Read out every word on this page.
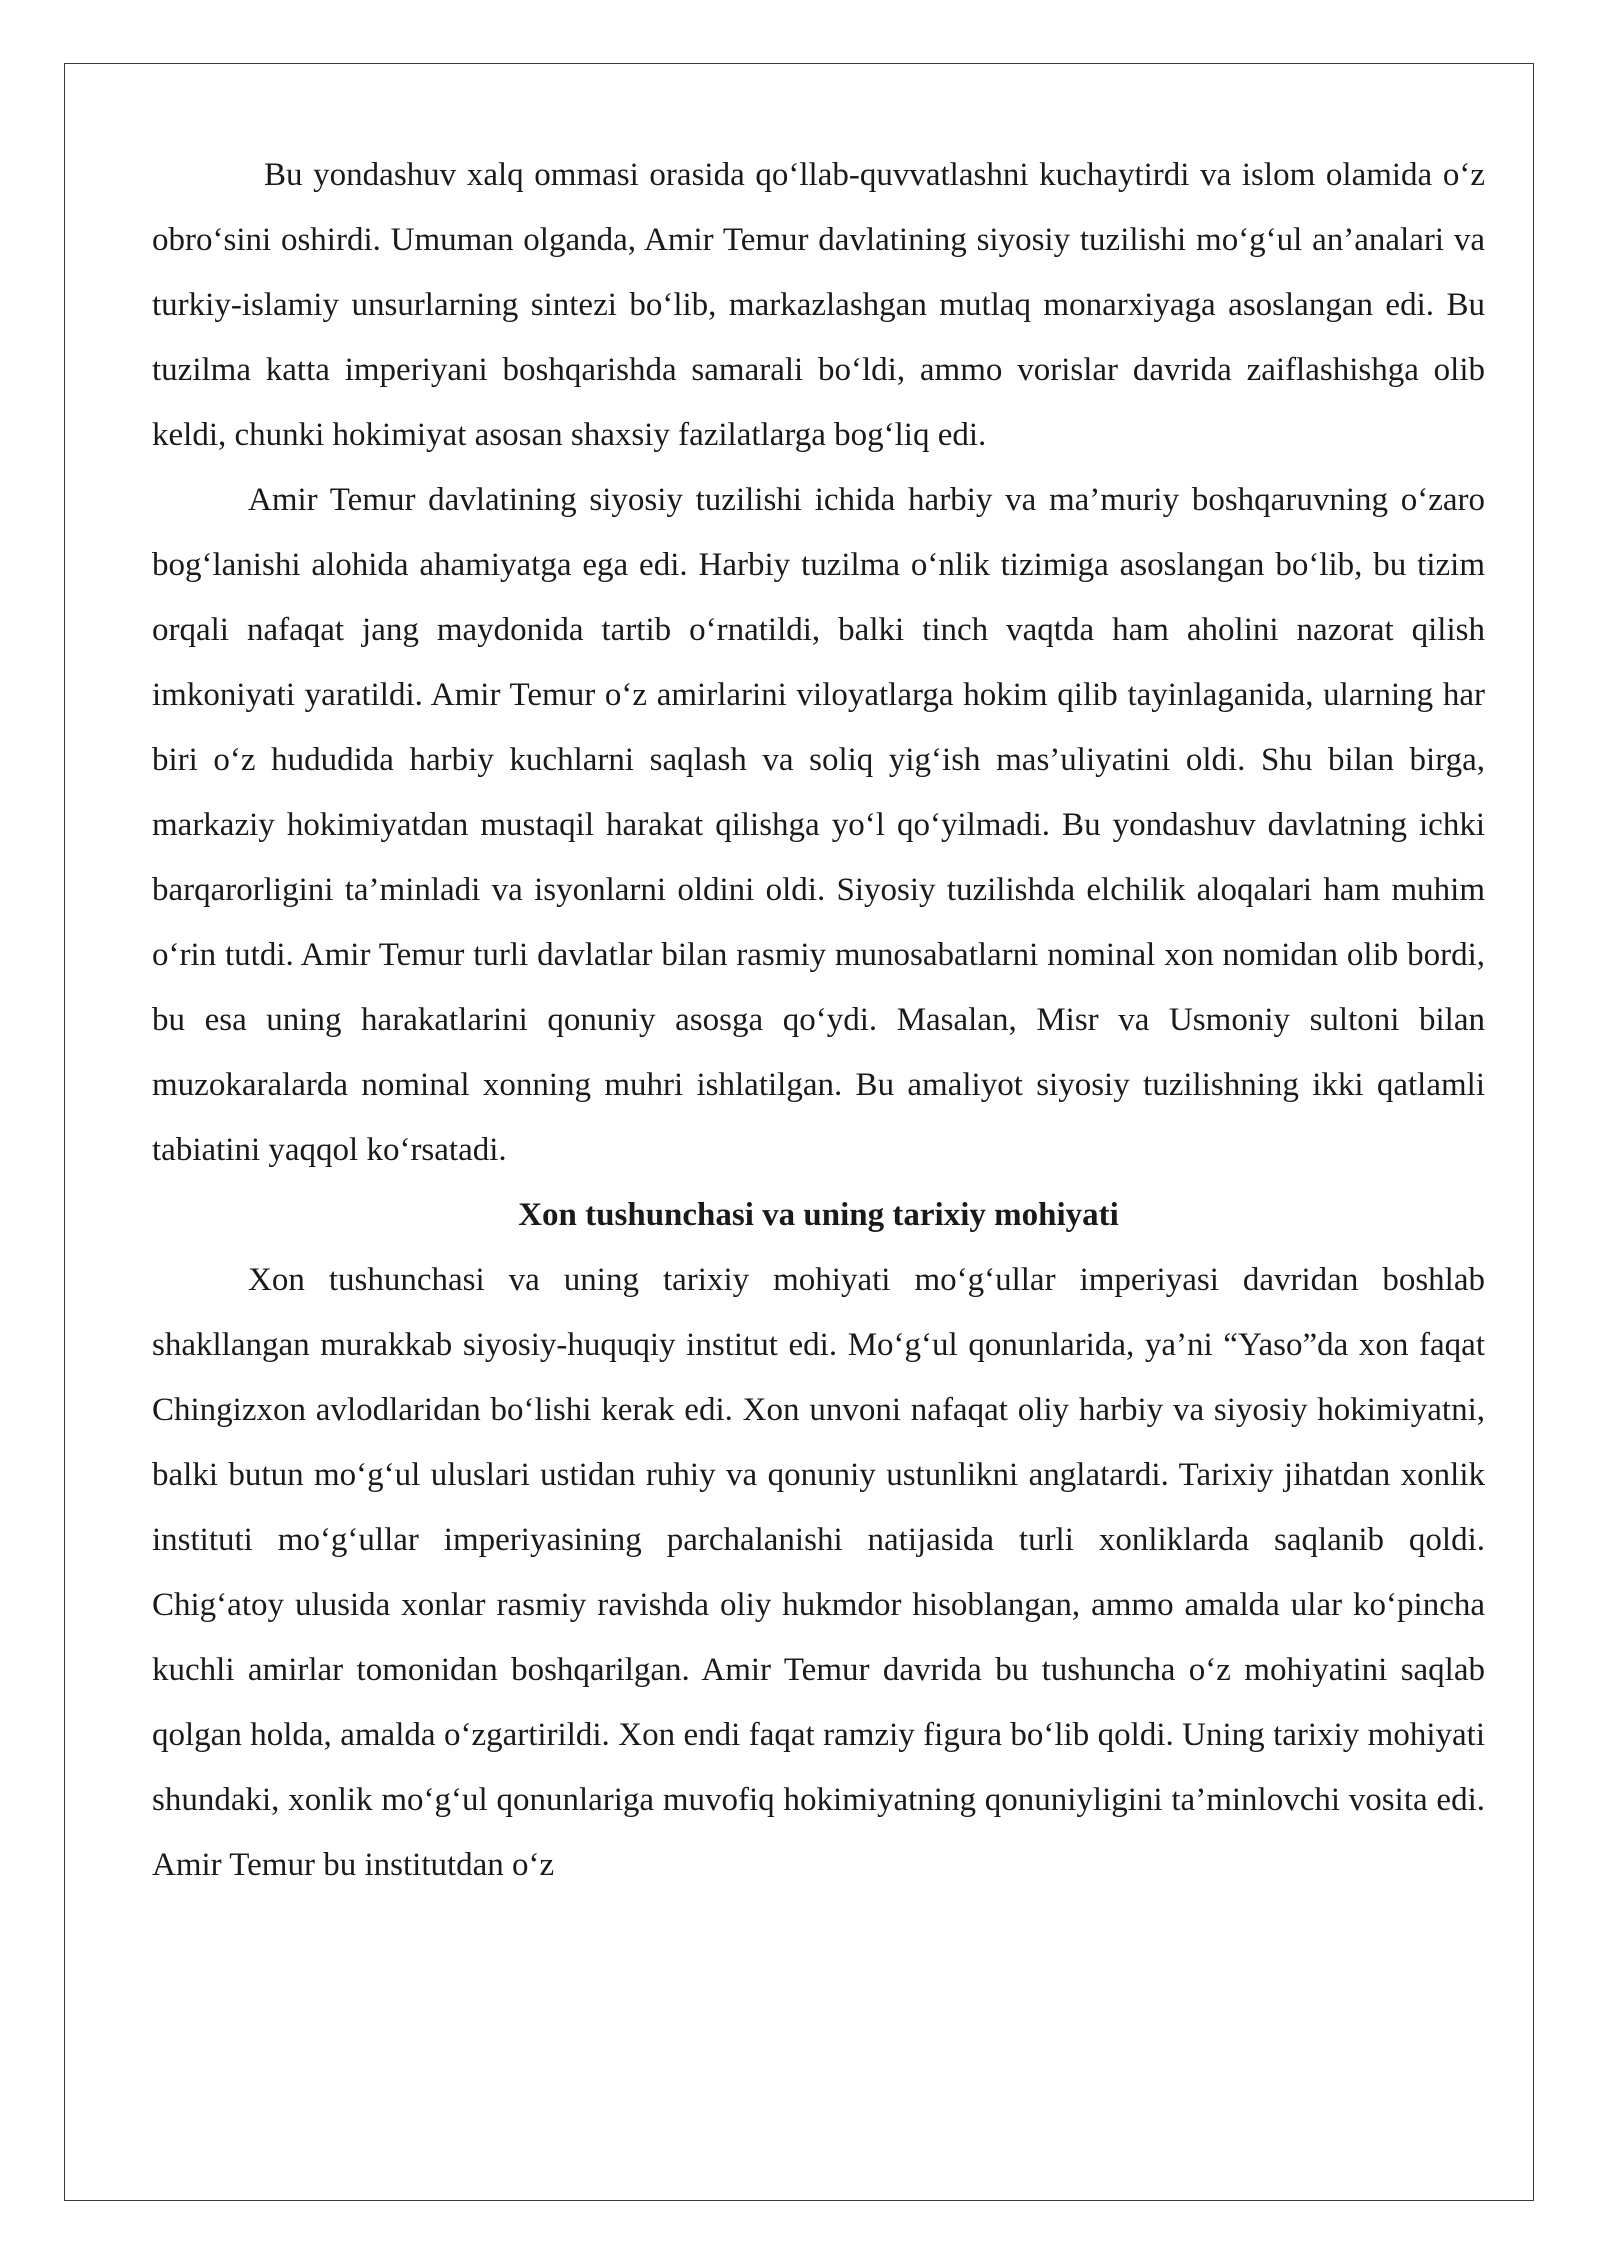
Bu yondashuv xalq ommasi orasida qo‘llab-quvvatlashni kuchaytirdi va islom olamida o‘z obro‘sini oshirdi. Umuman olganda, Amir Temur davlatining siyosiy tuzilishi mo‘g‘ul an’analari va turkiy-islamiy unsurlarning sintezi bo‘lib, markazlashgan mutlaq monarxiyaga asoslangan edi. Bu tuzilma katta imperiyani boshqarishda samarali bo‘ldi, ammo vorislar davrida zaiflashishga olib keldi, chunki hokimiyat asosan shaxsiy fazilatlarga bog‘liq edi.

Amir Temur davlatining siyosiy tuzilishi ichida harbiy va ma’muriy boshqaruvning o‘zaro bog‘lanishi alohida ahamiyatga ega edi. Harbiy tuzilma o‘nlik tizimiga asoslangan bo‘lib, bu tizim orqali nafaqat jang maydonida tartib o‘rnatildi, balki tinch vaqtda ham aholini nazorat qilish imkoniyati yaratildi. Amir Temur o‘z amirlarini viloyatlarga hokim qilib tayinlaganida, ularning har biri o‘z hududida harbiy kuchlarni saqlash va soliq yig‘ish mas’uliyatini oldi. Shu bilan birga, markaziy hokimiyatdan mustaqil harakat qilishga yo‘l qo‘yilmadi. Bu yondashuv davlatning ichki barqarorligini ta’minladi va isyonlarni oldini oldi. Siyosiy tuzilishda elchilik aloqalari ham muhim o‘rin tutdi. Amir Temur turli davlatlar bilan rasmiy munosabatlarni nominal xon nomidan olib bordi, bu esa uning harakatlarini qonuniy asosga qo‘ydi. Masalan, Misr va Usmoniy sultoni bilan muzokaralarda nominal xonning muhri ishlatilgan. Bu amaliyot siyosiy tuzilishning ikki qatlamli tabiatini yaqqol ko‘rsatadi.

Xon tushunchasi va uning tarixiy mohiyati

Xon tushunchasi va uning tarixiy mohiyati mo‘g‘ullar imperiyasi davridan boshlab shakllangan murakkab siyosiy-huquqiy institut edi. Mo‘g‘ul qonunlarida, ya’ni “Yaso”da xon faqat Chingizxon avlodlaridan bo‘lishi kerak edi. Xon unvoni nafaqat oliy harbiy va siyosiy hokimiyatni, balki butun mo‘g‘ul uluslari ustidan ruhiy va qonuniy ustunlikni anglatardi. Tarixiy jihatdan xonlik instituti mo‘g‘ullar imperiyasining parchalanishi natijasida turli xonliklarda saqlanib qoldi. Chig‘atoy ulusida xonlar rasmiy ravishda oliy hukmdor hisoblangan, ammo amalda ular ko‘pincha kuchli amirlar tomonidan boshqarilgan. Amir Temur davrida bu tushuncha o‘z mohiyatini saqlab qolgan holda, amalda o‘zgartirildi. Xon endi faqat ramziy figura bo‘lib qoldi. Uning tarixiy mohiyati shundaki, xonlik mo‘g‘ul qonunlariga muvofiq hokimiyatning qonuniyligini ta’minlovchi vosita edi. Amir Temur bu institutdan o‘z
